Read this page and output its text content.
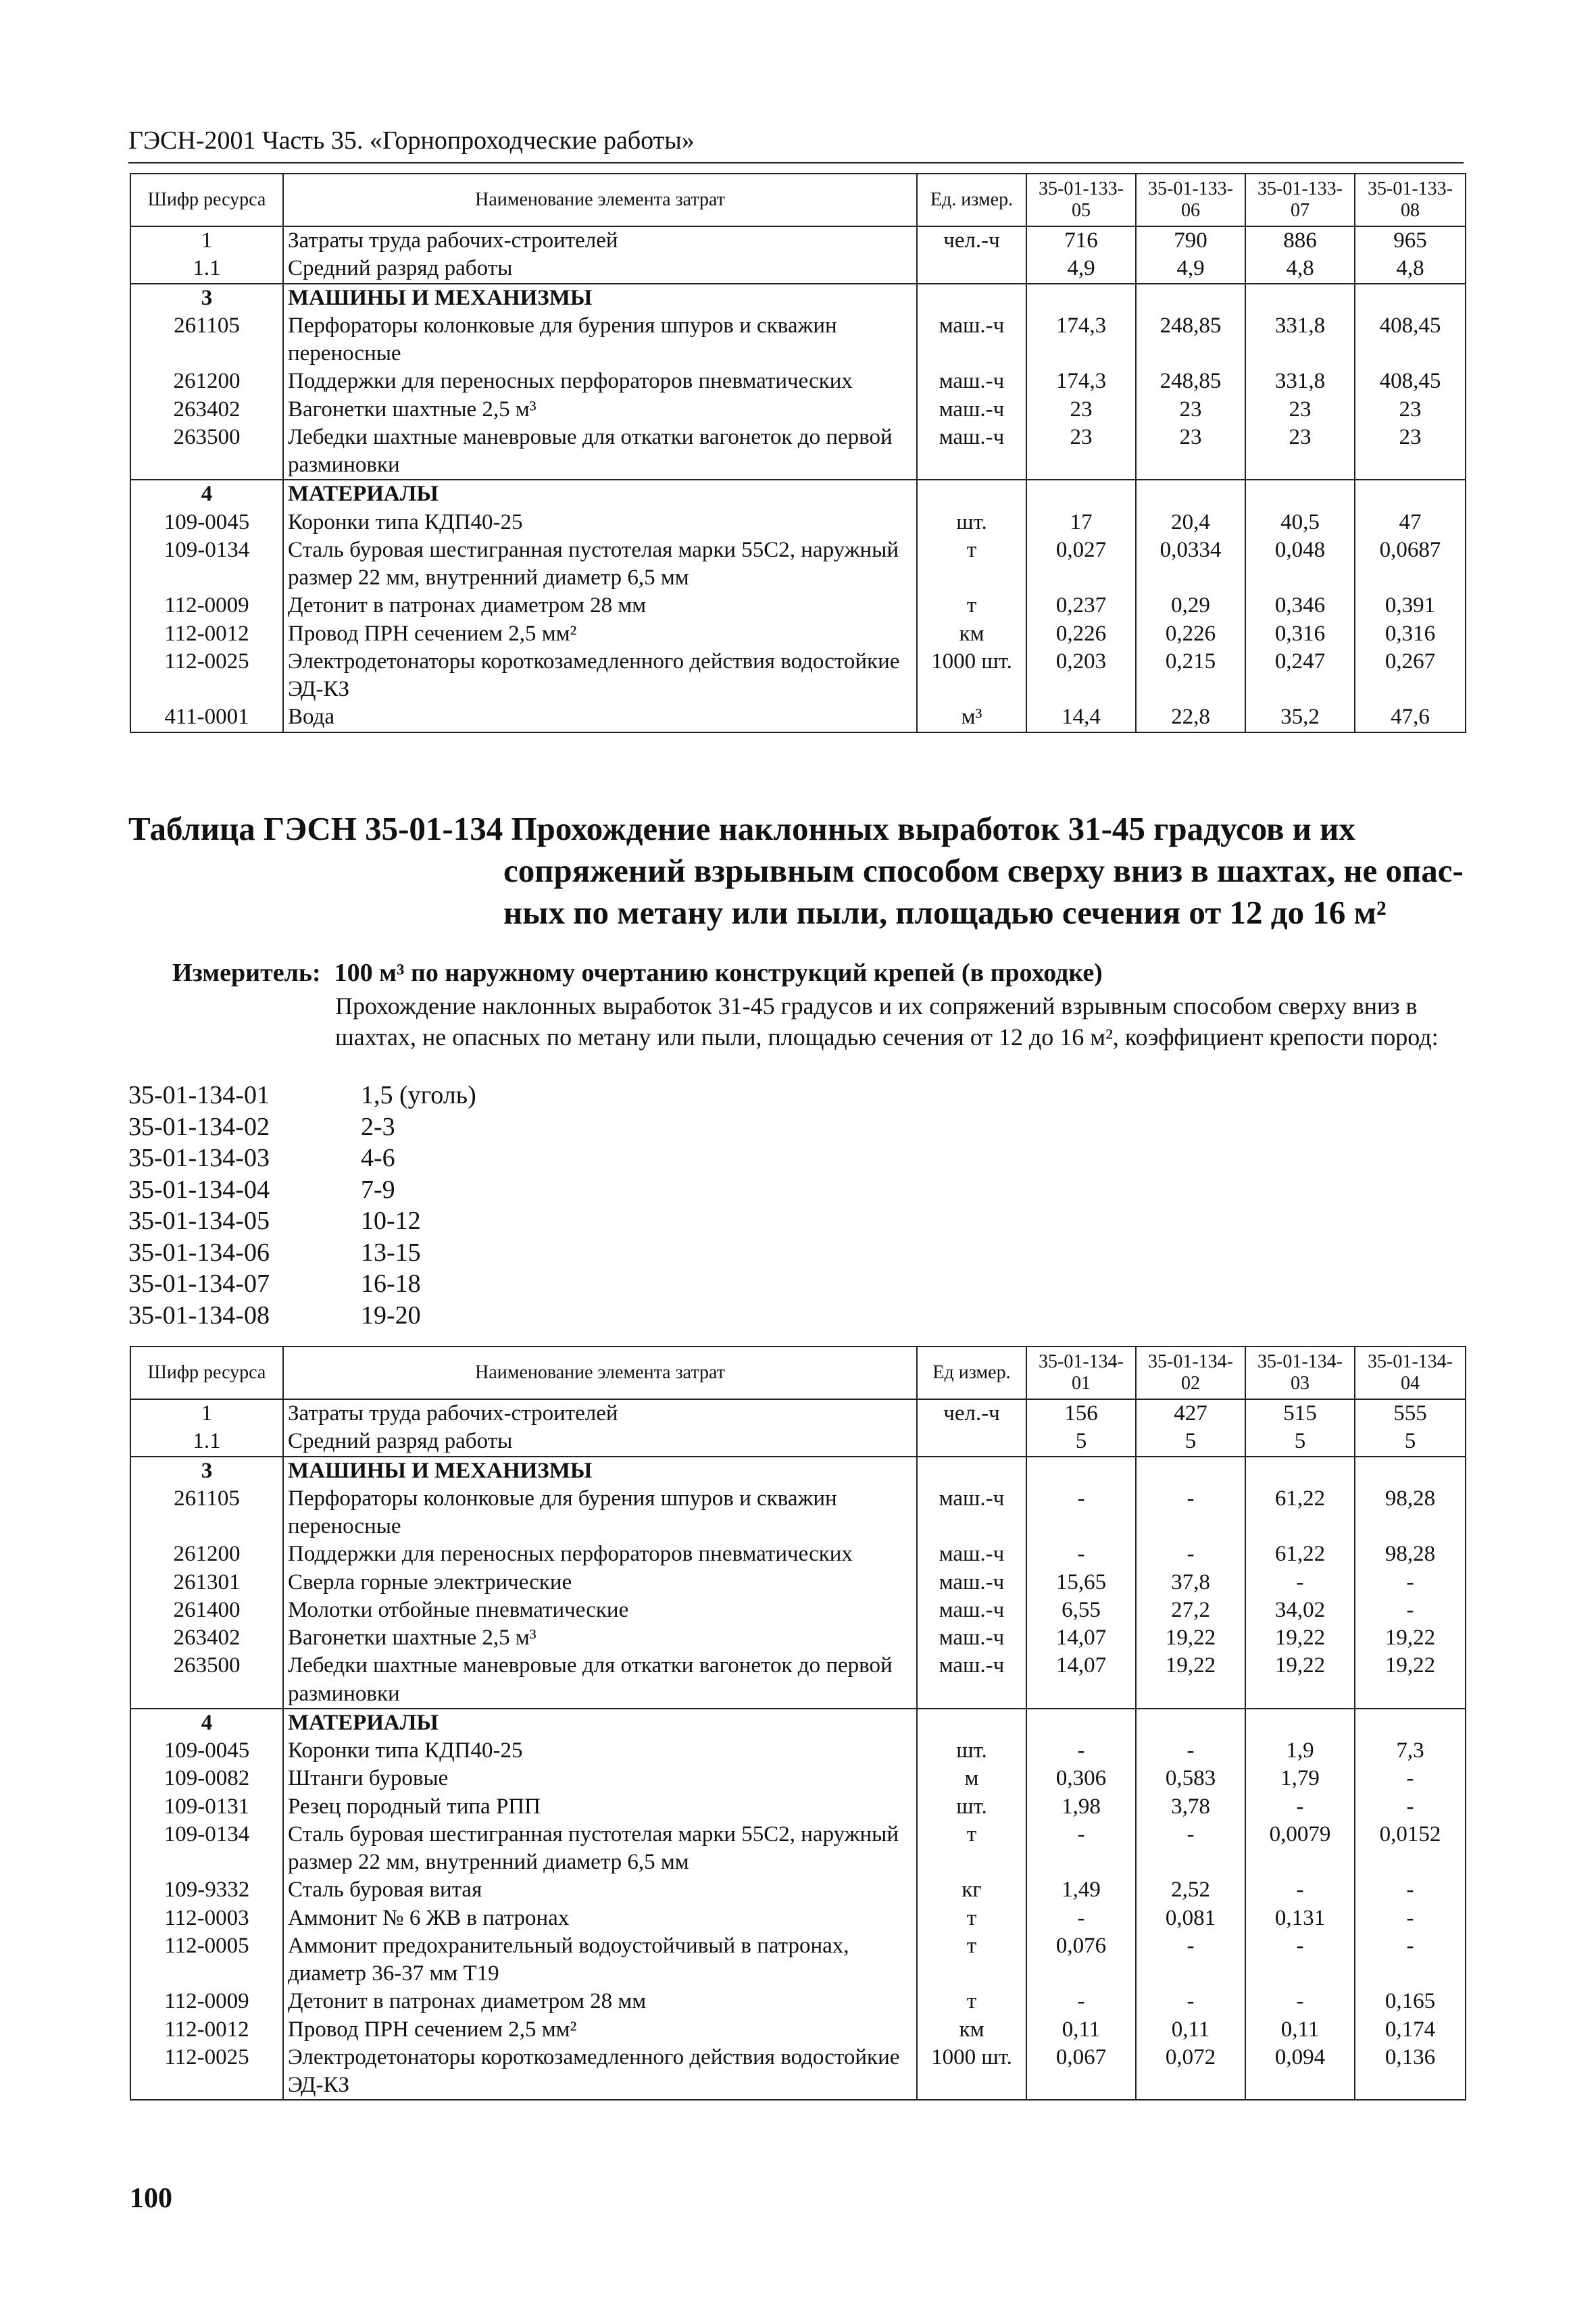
ГЭСН-2001 Часть 35. «Горнопроходческие работы»
Шифр ресурса	Наименование элемента затрат	Ед. измер.	35-01-133-05	35-01-133-06	35-01-133-07	35-01-133-08
1	Затраты труда рабочих-строителей	чел.-ч	716	790	886	965
1.1	Средний разряд работы		4,9	4,9	4,8	4,8
3	МАШИНЫ И МЕХАНИЗМЫ					
261105	Перфораторы колонковые для бурения шпуров и скважин переносные	маш.-ч	174,3	248,85	331,8	408,45
261200	Поддержки для переносных перфораторов пневматических	маш.-ч	174,3	248,85	331,8	408,45
263402	Вагонетки шахтные 2,5 м³	маш.-ч	23	23	23	23
263500	Лебедки шахтные маневровые для откатки вагонеток до первой разминовки	маш.-ч	23	23	23	23
4	МАТЕРИАЛЫ					
109-0045	Коронки типа КДП40-25	шт.	17	20,4	40,5	47
109-0134	Сталь буровая шестигранная пустотелая марки 55С2, наружный размер 22 мм, внутренний диаметр 6,5 мм	т	0,027	0,0334	0,048	0,0687
112-0009	Детонит в патронах диаметром 28 мм	т	0,237	0,29	0,346	0,391
112-0012	Провод ПРН сечением 2,5 мм²	км	0,226	0,226	0,316	0,316
112-0025	Электродетонаторы короткозамедленного действия водостойкие ЭД-КЗ	1000 шт.	0,203	0,215	0,247	0,267
411-0001	Вода	м³	14,4	22,8	35,2	47,6
Таблица ГЭСН 35-01-134 Прохождение наклонных выработок 31-45 градусов и их
сопряжений взрывным способом сверху вниз в шахтах, не опас-
ных по метану или пыли, площадью сечения от 12 до 16 м²
Измеритель: 100 м³ по наружному очертанию конструкций крепей (в проходке)
Прохождение наклонных выработок 31-45 градусов и их сопряжений взрывным способом сверху вниз в шахтах, не опасных по метану или пыли, площадью сечения от 12 до 16 м², коэффициент крепости пород:
35-01-134-01	1,5 (уголь)
35-01-134-02	2-3
35-01-134-03	4-6
35-01-134-04	7-9
35-01-134-05	10-12
35-01-134-06	13-15
35-01-134-07	16-18
35-01-134-08	19-20
Шифр ресурса	Наименование элемента затрат	Ед измер.	35-01-134-01	35-01-134-02	35-01-134-03	35-01-134-04
1	Затраты труда рабочих-строителей	чел.-ч	156	427	515	555
1.1	Средний разряд работы		5	5	5	5
3	МАШИНЫ И МЕХАНИЗМЫ					
261105	Перфораторы колонковые для бурения шпуров и скважин переносные	маш.-ч	-	-	61,22	98,28
261200	Поддержки для переносных перфораторов пневматических	маш.-ч	-	-	61,22	98,28
261301	Сверла горные электрические	маш.-ч	15,65	37,8	-	-
261400	Молотки отбойные пневматические	маш.-ч	6,55	27,2	34,02	-
263402	Вагонетки шахтные 2,5 м³	маш.-ч	14,07	19,22	19,22	19,22
263500	Лебедки шахтные маневровые для откатки вагонеток до первой разминовки	маш.-ч	14,07	19,22	19,22	19,22
4	МАТЕРИАЛЫ					
109-0045	Коронки типа КДП40-25	шт.	-	-	1,9	7,3
109-0082	Штанги буровые	м	0,306	0,583	1,79	-
109-0131	Резец породный типа РПП	шт.	1,98	3,78	-	-
109-0134	Сталь буровая шестигранная пустотелая марки 55С2, наружный размер 22 мм, внутренний диаметр 6,5 мм	т	-	-	0,0079	0,0152
109-9332	Сталь буровая витая	кг	1,49	2,52	-	-
112-0003	Аммонит № 6 ЖВ в патронах	т	-	0,081	0,131	-
112-0005	Аммонит предохранительный водоустойчивый в патронах, диаметр 36-37 мм Т19	т	0,076	-	-	-
112-0009	Детонит в патронах диаметром 28 мм	т	-	-	-	0,165
112-0012	Провод ПРН сечением 2,5 мм²	км	0,11	0,11	0,11	0,174
112-0025	Электродетонаторы короткозамедленного действия водостойкие ЭД-КЗ	1000 шт.	0,067	0,072	0,094	0,136
100
